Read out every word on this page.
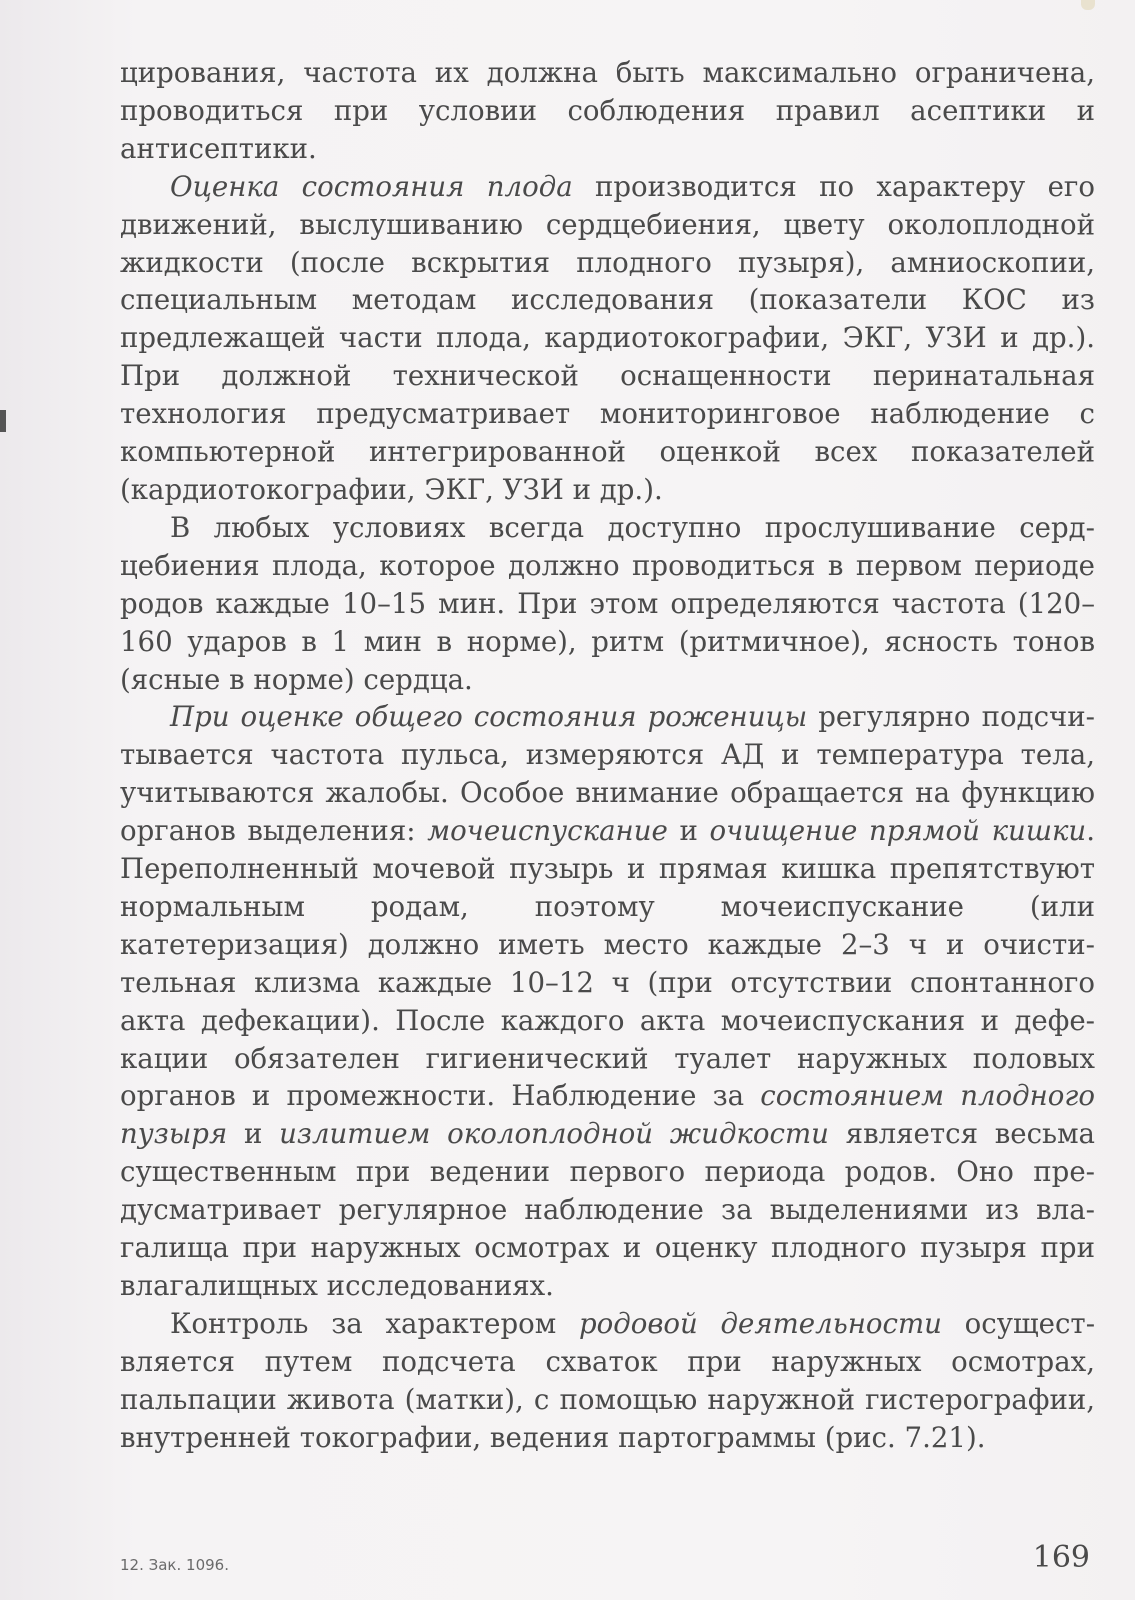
цирования, частота их должна быть максимально ограничена, проводиться при условии соблюдения правил асептики и антисептики.

Оценка состояния плода производится по характеру его движений, выслушиванию сердцебиения, цвету околоплодной жидкости (после вскрытия плодного пузыря), амниоскопии, специальным методам исследования (показатели КОС из предлежащей части плода, кардиотокографии, ЭКГ, УЗИ и др.). При должной технической оснащенности перинатальная технология предусматривает мониторинговое наблюдение с компьютерной интегрированной оценкой всех показателей (кардиотокографии, ЭКГ, УЗИ и др.).

В любых условиях всегда доступно прослушивание сердцебиения плода, которое должно проводиться в первом периоде родов каждые 10–15 мин. При этом определяются частота (120–160 ударов в 1 мин в норме), ритм (ритмичное), ясность тонов (ясные в норме) сердца.

При оценке общего состояния роженицы регулярно подсчитывается частота пульса, измеряются АД и температура тела, учитываются жалобы. Особое внимание обращается на функцию органов выделения: мочеиспускание и очищение прямой кишки. Переполненный мочевой пузырь и прямая кишка препятствуют нормальным родам, поэтому мочеиспускание (или катетеризация) должно иметь место каждые 2–3 ч и очистительная клизма каждые 10–12 ч (при отсутствии спонтанного акта дефекации). После каждого акта мочеиспускания и дефекации обязателен гигиенический туалет наружных половых органов и промежности. Наблюдение за состоянием плодного пузыря и излитием околоплодной жидкости является весьма существенным при ведении первого периода родов. Оно предусматривает регулярное наблюдение за выделениями из влагалища при наружных осмотрах и оценку плодного пузыря при влагалищных исследованиях.

Контроль за характером родовой деятельности осуществляется путем подсчета схваток при наружных осмотрах, пальпации живота (матки), с помощью наружной гистерографии, внутренней токографии, ведения партограммы (рис. 7.21).

12. Зак. 1096.	169
